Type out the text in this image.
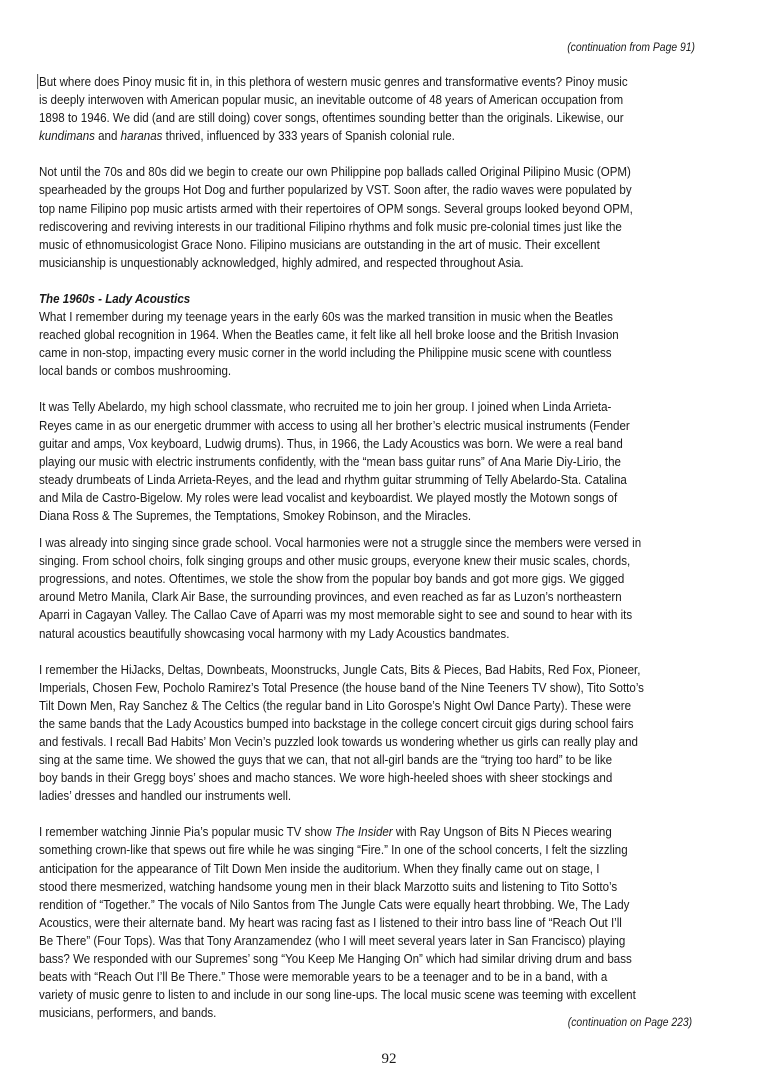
(continuation from Page 91)
But where does Pinoy music fit in, in this plethora of western music genres and transformative events? Pinoy music
is deeply interwoven with American popular music, an inevitable outcome of 48 years of American occupation from
1898 to 1946. We did (and are still doing) cover songs, oftentimes sounding better than the originals. Likewise, our
kundimans and haranas thrived, influenced by 333 years of Spanish colonial rule.
Not until the 70s and 80s did we begin to create our own Philippine pop ballads called Original Pilipino Music (OPM)
spearheaded by the groups Hot Dog and further popularized by VST. Soon after, the radio waves were populated by
top name Filipino pop music artists armed with their repertoires of OPM songs. Several groups looked beyond OPM,
rediscovering and reviving interests in our traditional Filipino rhythms and folk music pre-colonial times just like the
music of ethnomusicologist Grace Nono. Filipino musicians are outstanding in the art of music. Their excellent
musicianship is unquestionably acknowledged, highly admired, and respected throughout Asia.
The 1960s - Lady Acoustics
What I remember during my teenage years in the early 60s was the marked transition in music when the Beatles
reached global recognition in 1964. When the Beatles came, it felt like all hell broke loose and the British Invasion
came in non-stop, impacting every music corner in the world including the Philippine music scene with countless
local bands or combos mushrooming.
It was Telly Abelardo, my high school classmate, who recruited me to join her group. I joined when Linda Arrieta-
Reyes came in as our energetic drummer with access to using all her brother’s electric musical instruments (Fender
guitar and amps, Vox keyboard, Ludwig drums). Thus, in 1966, the Lady Acoustics was born. We were a real band
playing our music with electric instruments confidently, with the “mean bass guitar runs” of Ana Marie Diy-Lirio, the
steady drumbeats of Linda Arrieta-Reyes, and the lead and rhythm guitar strumming of Telly Abelardo-Sta. Catalina
and Mila de Castro-Bigelow. My roles were lead vocalist and keyboardist. We played mostly the Motown songs of
Diana Ross & The Supremes, the Temptations, Smokey Robinson, and the Miracles.
I was already into singing since grade school. Vocal harmonies were not a struggle since the members were versed in
singing. From school choirs, folk singing groups and other music groups, everyone knew their music scales, chords,
progressions, and notes. Oftentimes, we stole the show from the popular boy bands and got more gigs. We gigged
around Metro Manila, Clark Air Base, the surrounding provinces, and even reached as far as Luzon’s northeastern
Aparri in Cagayan Valley. The Callao Cave of Aparri was my most memorable sight to see and sound to hear with its
natural acoustics beautifully showcasing vocal harmony with my Lady Acoustics bandmates.
I remember the HiJacks, Deltas, Downbeats, Moonstrucks, Jungle Cats, Bits & Pieces, Bad Habits, Red Fox, Pioneer,
Imperials, Chosen Few, Pocholo Ramirez’s Total Presence (the house band of the Nine Teeners TV show), Tito Sotto’s
Tilt Down Men, Ray Sanchez & The Celtics (the regular band in Lito Gorospe’s Night Owl Dance Party). These were
the same bands that the Lady Acoustics bumped into backstage in the college concert circuit gigs during school fairs
and festivals. I recall Bad Habits’ Mon Vecin’s puzzled look towards us wondering whether us girls can really play and
sing at the same time. We showed the guys that we can, that not all-girl bands are the “trying too hard” to be like
boy bands in their Gregg boys’ shoes and macho stances. We wore high-heeled shoes with sheer stockings and
ladies’ dresses and handled our instruments well.
I remember watching Jinnie Pia’s popular music TV show The Insider with Ray Ungson of Bits N Pieces wearing
something crown-like that spews out fire while he was singing “Fire.” In one of the school concerts, I felt the sizzling
anticipation for the appearance of Tilt Down Men inside the auditorium. When they finally came out on stage, I
stood there mesmerized, watching handsome young men in their black Marzotto suits and listening to Tito Sotto’s
rendition of “Together.” The vocals of Nilo Santos from The Jungle Cats were equally heart throbbing. We, The Lady
Acoustics, were their alternate band. My heart was racing fast as I listened to their intro bass line of “Reach Out I’ll
Be There” (Four Tops). Was that Tony Aranzamendez (who I will meet several years later in San Francisco) playing
bass? We responded with our Supremes’ song “You Keep Me Hanging On” which had similar driving drum and bass
beats with “Reach Out I’ll Be There.” Those were memorable years to be a teenager and to be in a band, with a
variety of music genre to listen to and include in our song line-ups. The local music scene was teeming with excellent
musicians, performers, and bands.
(continuation on Page 223)
92
